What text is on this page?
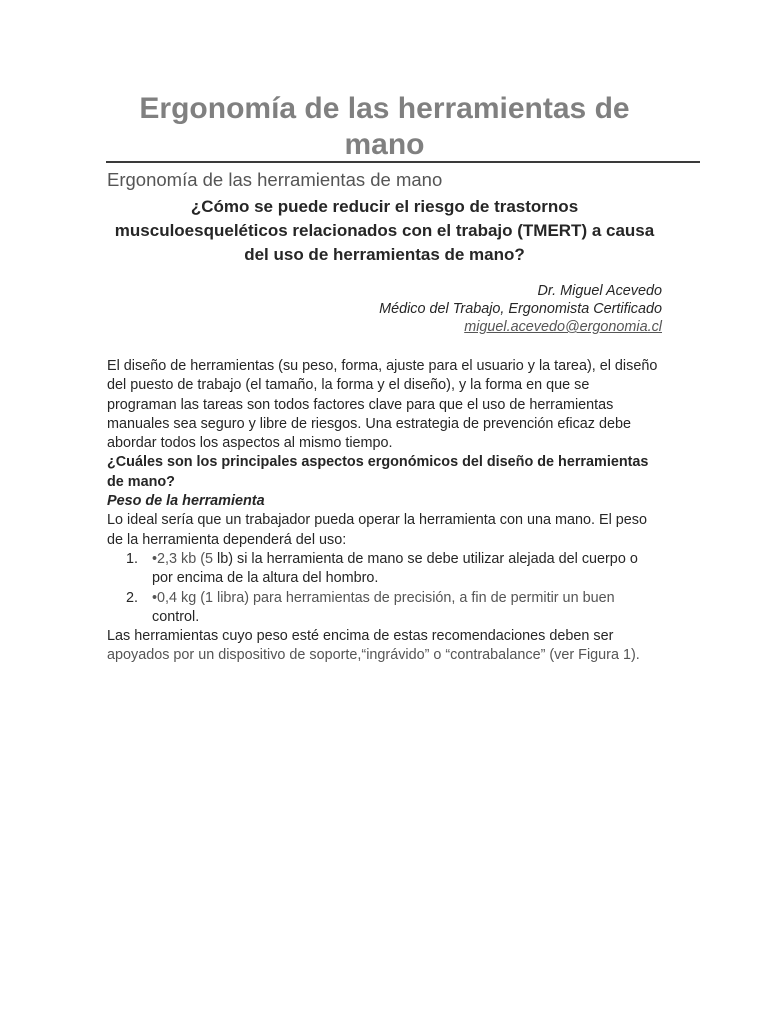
Ergonomía de las herramientas de mano
Ergonomía de las herramientas de mano
¿Cómo se puede reducir el riesgo de trastornos
musculoesqueléticos relacionados con el trabajo (TMERT) a causa
del uso de herramientas de mano?
Dr. Miguel Acevedo
Médico del Trabajo, Ergonomista Certificado
miguel.acevedo@ergonomia.cl

El diseño de herramientas (su peso, forma, ajuste para el usuario y la tarea), el diseño
del puesto de trabajo (el tamaño, la forma y el diseño), y la forma en que se
programan las tareas son todos factores clave para que el uso de herramientas
manuales sea seguro y libre de riesgos. Una estrategia de prevención eficaz debe
abordar todos los aspectos al mismo tiempo.

¿Cuáles son los principales aspectos ergonómicos del diseño de herramientas
de mano?

Peso de la herramienta

Lo ideal sería que un trabajador pueda operar la herramienta con una mano. El peso
de la herramienta dependerá del uso:

1. •2,3 kb (5 lb) si la herramienta de mano se debe utilizar alejada del cuerpo o
por encima de la altura del hombro.
2. •0,4 kg (1 libra) para herramientas de precisión, a fin de permitir un buen
control.

Las herramientas cuyo peso esté encima de estas recomendaciones deben ser
apoyados por un dispositivo de soporte,“ingrávido” o “contrabalance” (ver Figura 1).
